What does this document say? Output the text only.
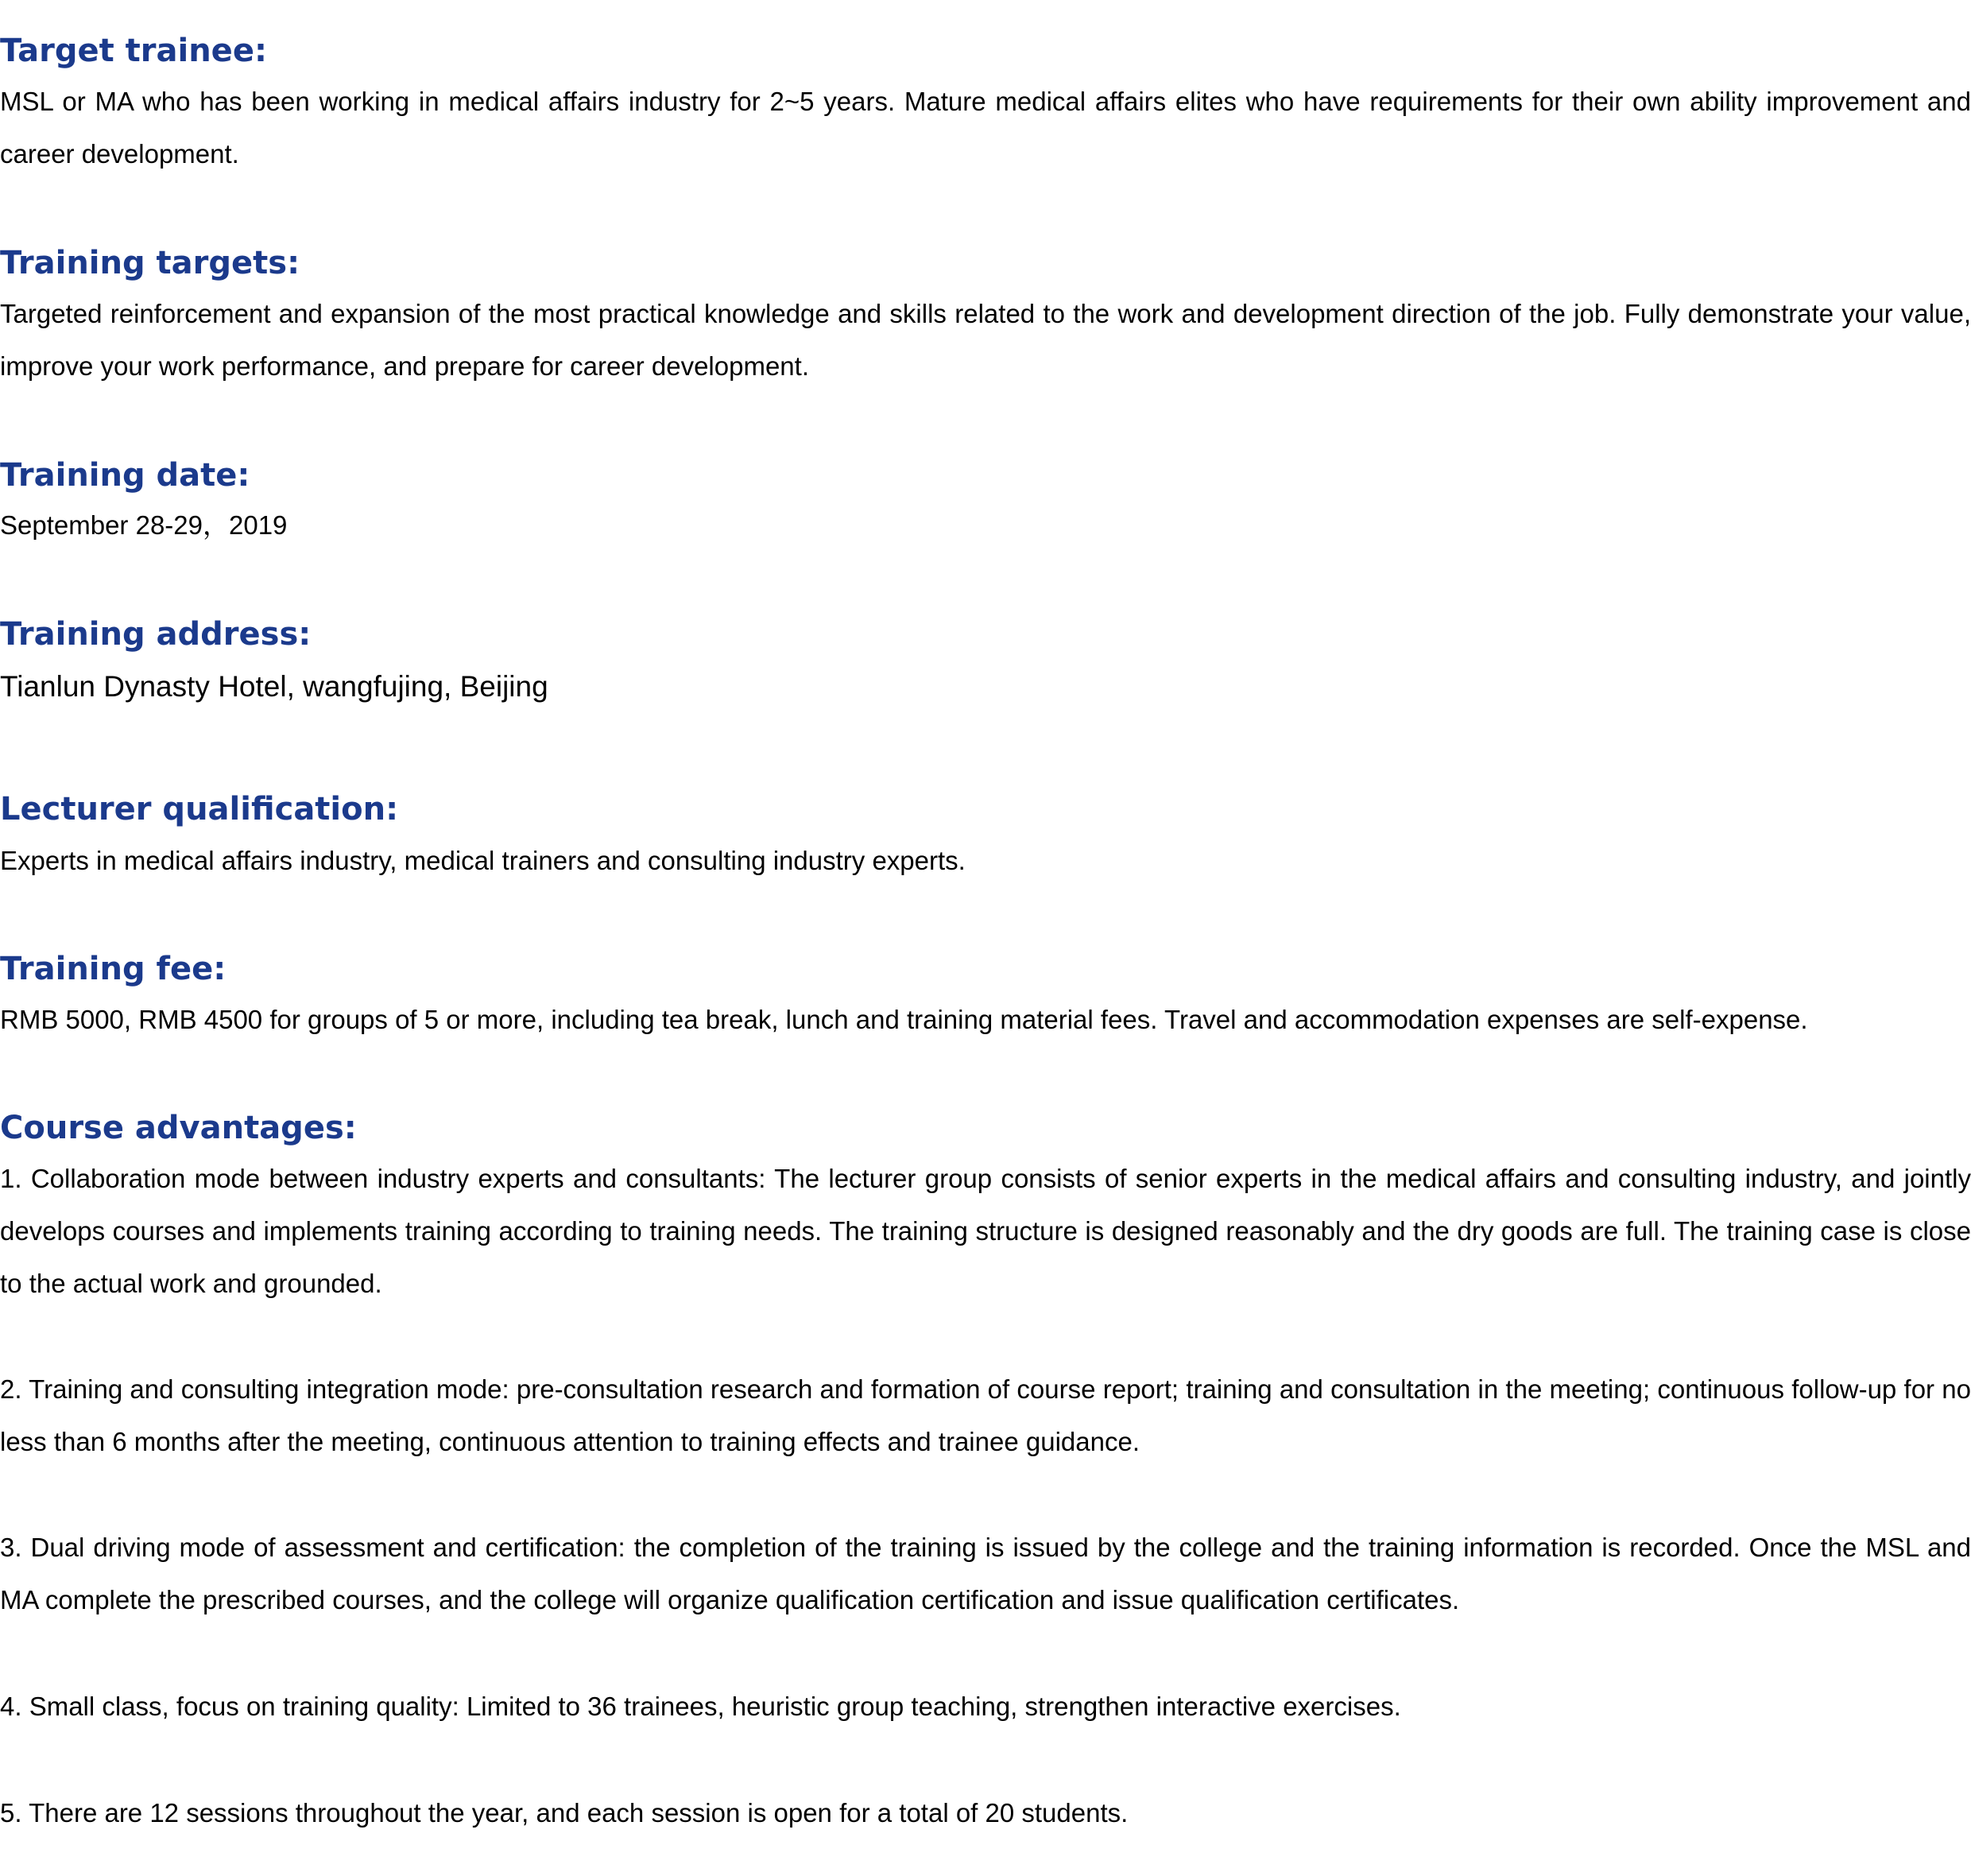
Target trainee:

MSL or MA who has been working in medical affairs industry for 2~5 years. Mature medical affairs elites who have requirements for their own ability improvement and career development.

Training targets:

Targeted reinforcement and expansion of the most practical knowledge and skills related to the work and development direction of the job. Fully demonstrate your value, improve your work performance, and prepare for career development.

Training date:

September 28-29，2019

Training address:

Tianlun Dynasty Hotel, wangfujing, Beijing

Lecturer qualification:

Experts in medical affairs industry, medical trainers and consulting industry experts.

Training fee:

RMB 5000, RMB 4500 for groups of 5 or more, including tea break, lunch and training material fees. Travel and accommodation expenses are self-expense.

Course advantages:

1. Collaboration mode between industry experts and consultants: The lecturer group consists of senior experts in the medical affairs and consulting industry, and jointly develops courses and implements training according to training needs. The training structure is designed reasonably and the dry goods are full. The training case is close to the actual work and grounded.

2. Training and consulting integration mode: pre-consultation research and formation of course report; training and consultation in the meeting; continuous follow-up for no less than 6 months after the meeting, continuous attention to training effects and trainee guidance.

3. Dual driving mode of assessment and certification: the completion of the training is issued by the college and the training information is recorded. Once the MSL and MA complete the prescribed courses, and the college will organize qualification certification and issue qualification certificates.

4. Small class, focus on training quality: Limited to 36 trainees, heuristic group teaching, strengthen interactive exercises.

5. There are 12 sessions throughout the year, and each session is open for a total of 20 students.
